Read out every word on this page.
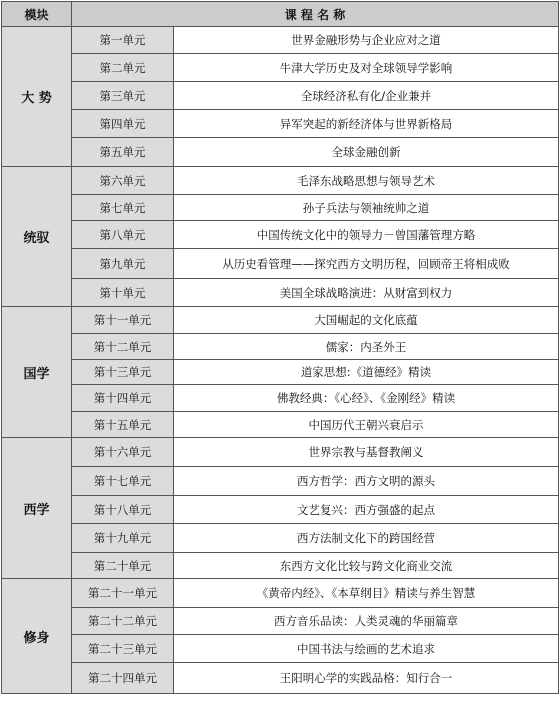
模块	课 程 名 称	
大 势	第一单元	世界金融形势与企业应对之道
	第二单元	牛津大学历史及对全球领导学影响
	第三单元	全球经济私有化/企业兼并
	第四单元	异军突起的新经济体与世界新格局
	第五单元	全球金融创新
统驭	第六单元	毛泽东战略思想与领导艺术
	第七单元	孙子兵法与领袖统帅之道
	第八单元	中国传统文化中的领导力－曾国藩管理方略
	第九单元	从历史看管理——探究西方文明历程，回顾帝王将相成败
	第十单元	美国全球战略演进：从财富到权力
国学	第十一单元	大国崛起的文化底蕴
	第十二单元	儒家：内圣外王
	第十三单元	道家思想:《道德经》精读
	第十四单元	佛教经典：《心经》、《金刚经》精读
	第十五单元	中国历代王朝兴衰启示
西学	第十六单元	世界宗教与基督教阐义
	第十七单元	西方哲学：西方文明的源头
	第十八单元	文艺复兴：西方强盛的起点
	第十九单元	西方法制文化下的跨国经营
	第二十单元	东西方文化比较与跨文化商业交流
修身	第二十一单元	《黄帝内经》、《本草纲目》精读与养生智慧
	第二十二单元	西方音乐品读：人类灵魂的华丽篇章
	第二十三单元	中国书法与绘画的艺术追求
	第二十四单元	王阳明心学的实践品格：知行合一
